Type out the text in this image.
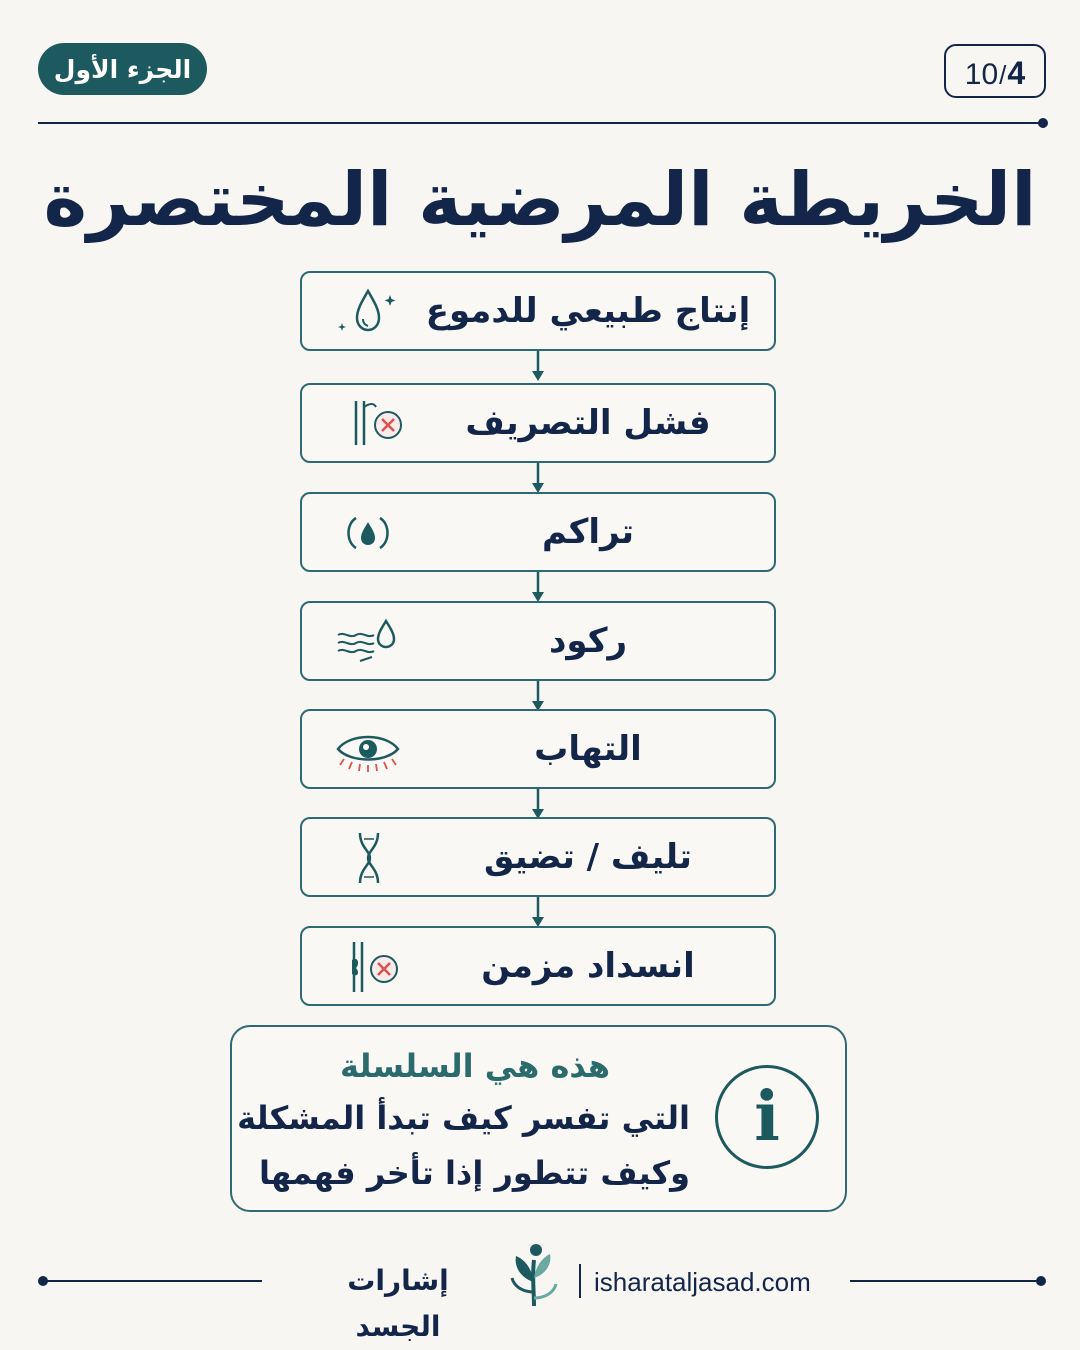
الجزء الأول	10 / 4
الخريطة المرضية المختصرة
إنتاج طبيعي للدموع
فشل التصريف
تراكم
ركود
التهاب
تليف / تضيق
انسداد مزمن
i
هذه هي السلسلة
التي تفسر كيف تبدأ المشكلة
وكيف تتطور إذا تأخر فهمها
إشارات الجسد
isharataljasad.com
